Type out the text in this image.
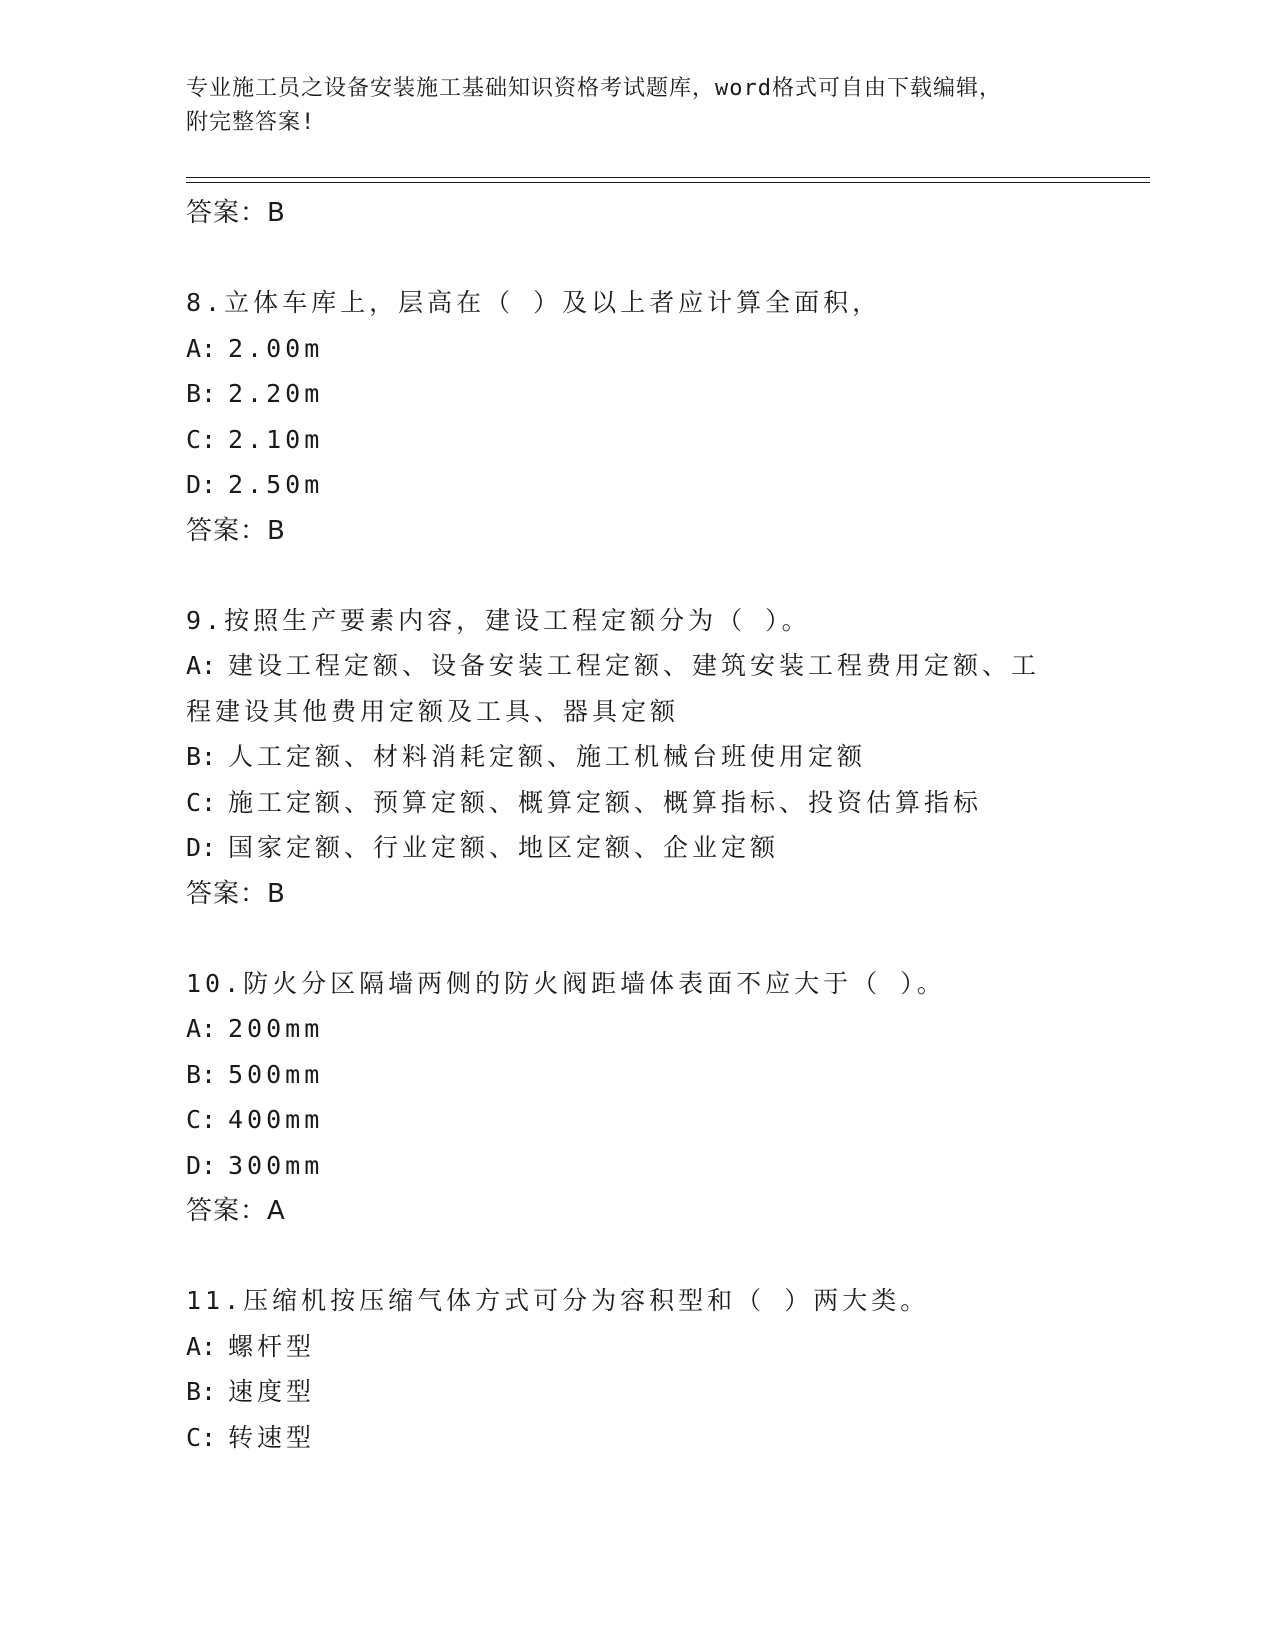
专业施工员之设备安装施工基础知识资格考试题库，word格式可自由下载编辑，
附完整答案!
答案：B
8.立体车库上，层高在（ ）及以上者应计算全面积，
A: 2.00m
B: 2.20m
C: 2.10m
D: 2.50m
答案：B
9.按照生产要素内容，建设工程定额分为（ ）。
A: 建设工程定额、设备安装工程定额、建筑安装工程费用定额、工程建设其他费用定额及工具、器具定额
B: 人工定额、材料消耗定额、施工机械台班使用定额
C: 施工定额、预算定额、概算定额、概算指标、投资估算指标
D: 国家定额、行业定额、地区定额、企业定额
答案：B
10.防火分区隔墙两侧的防火阀距墙体表面不应大于（ ）。
A: 200mm
B: 500mm
C: 400mm
D: 300mm
答案：A
11.压缩机按压缩气体方式可分为容积型和（ ）两大类。
A: 螺杆型
B: 速度型
C: 转速型
